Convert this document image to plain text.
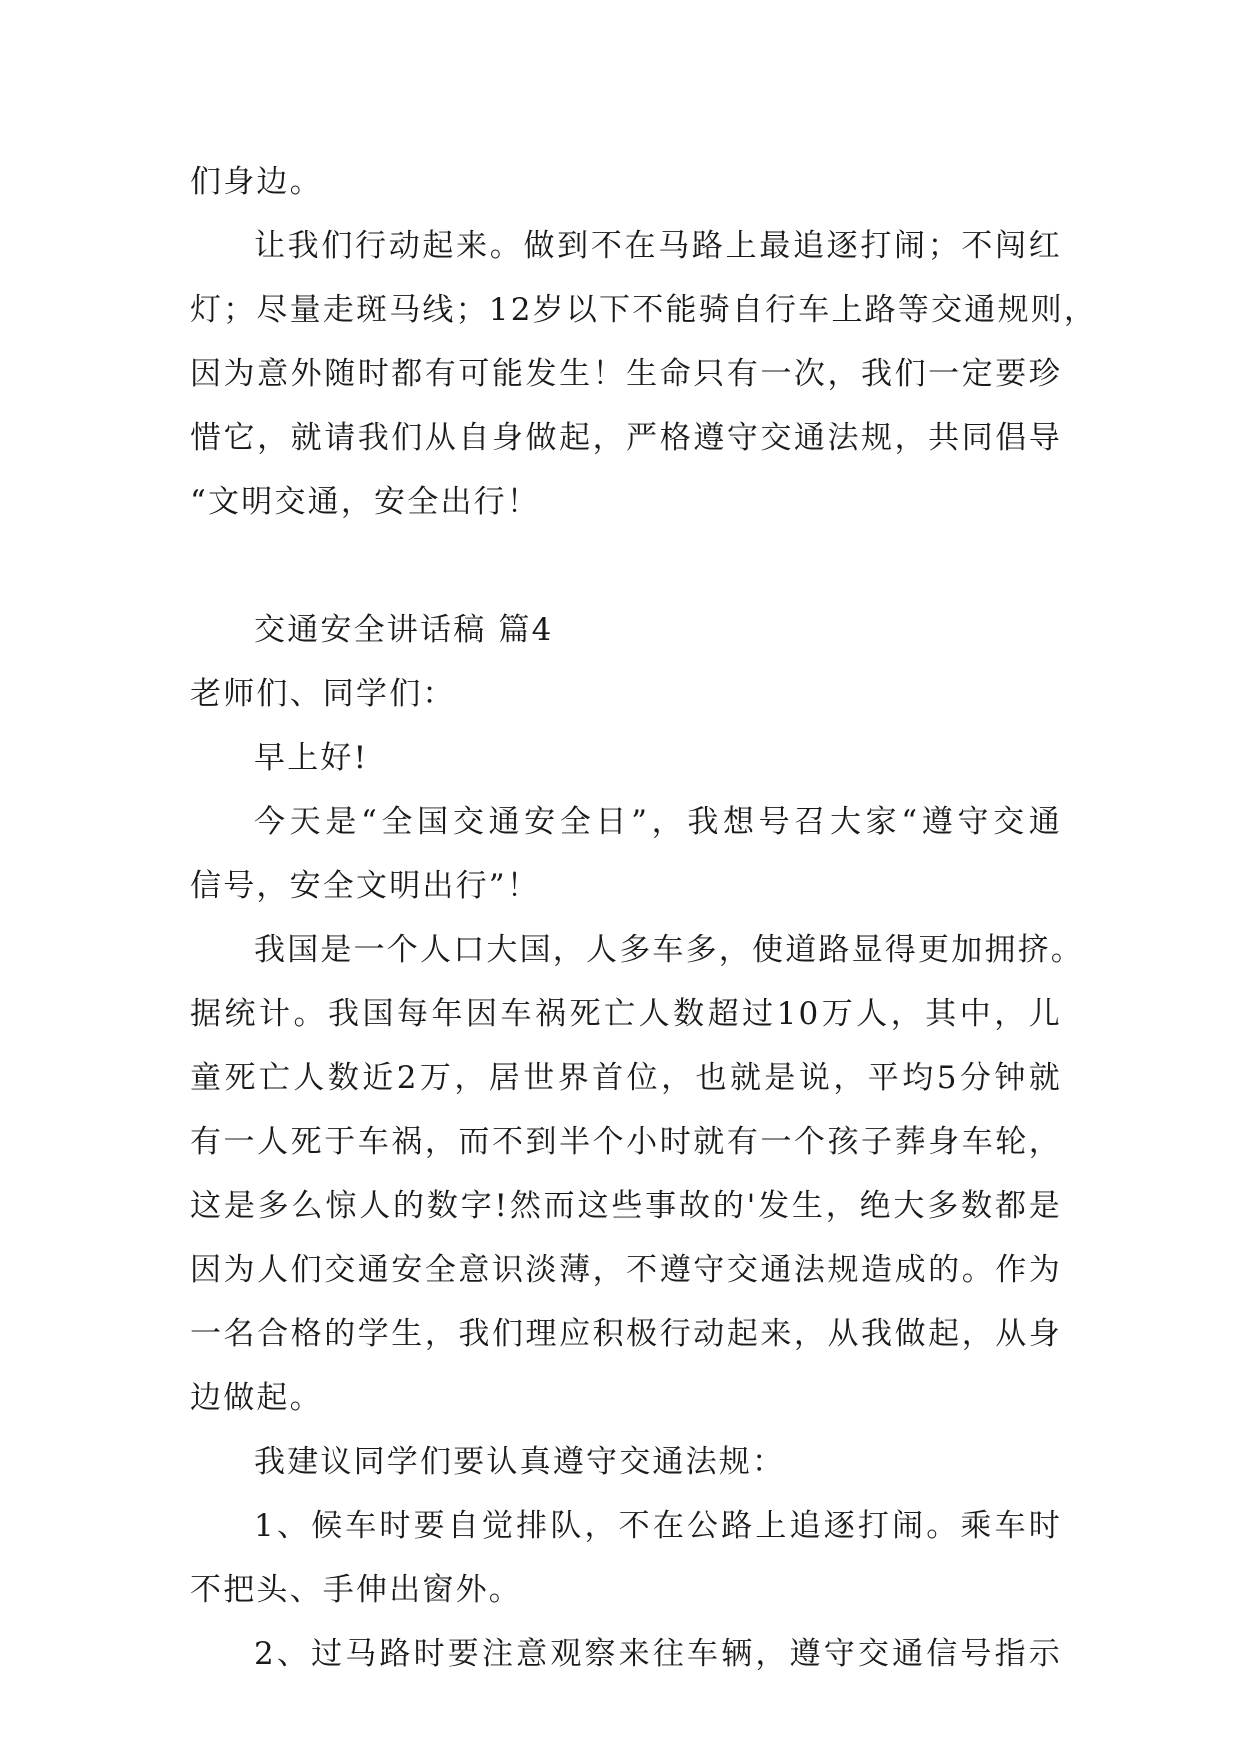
们身边。
让我们行动起来。做到不在马路上最追逐打闹；不闯红
灯；尽量走斑马线；12岁以下不能骑自行车上路等交通规则，
因为意外随时都有可能发生！生命只有一次，我们一定要珍
惜它，就请我们从自身做起，严格遵守交通法规，共同倡导
“文明交通，安全出行！
交通安全讲话稿 篇4
老师们、同学们：
早上好!
今天是“全国交通安全日”，我想号召大家“遵守交通
信号，安全文明出行”！
我国是一个人口大国，人多车多，使道路显得更加拥挤。
据统计。我国每年因车祸死亡人数超过10万人，其中，儿
童死亡人数近2万，居世界首位，也就是说，平均5分钟就
有一人死于车祸，而不到半个小时就有一个孩子葬身车轮，
这是多么惊人的数字!然而这些事故的'发生，绝大多数都是
因为人们交通安全意识淡薄，不遵守交通法规造成的。作为
一名合格的学生，我们理应积极行动起来，从我做起，从身
边做起。
我建议同学们要认真遵守交通法规：
1、候车时要自觉排队，不在公路上追逐打闹。乘车时
不把头、手伸出窗外。
2、过马路时要注意观察来往车辆，遵守交通信号指示
